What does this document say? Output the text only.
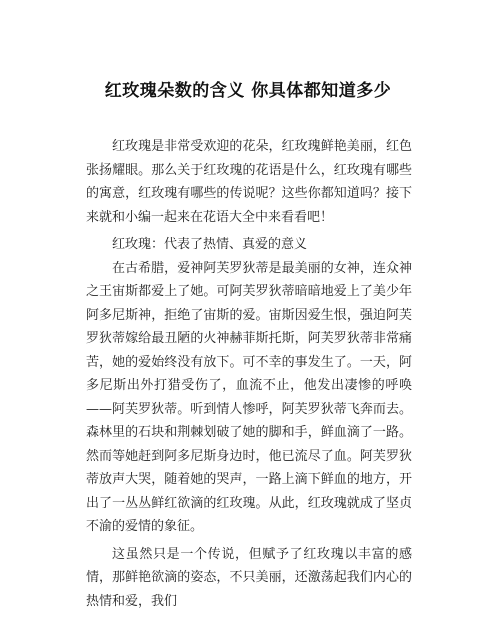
红玫瑰朵数的含义 你具体都知道多少

红玫瑰是非常受欢迎的花朵，红玫瑰鲜艳美丽，红色张扬耀眼。那么关于红玫瑰的花语是什么，红玫瑰有哪些的寓意，红玫瑰有哪些的传说呢？这些你都知道吗？接下来就和小编一起来在花语大全中来看看吧！

红玫瑰：代表了热情、真爱的意义

在古希腊，爱神阿芙罗狄蒂是最美丽的女神，连众神之王宙斯都爱上了她。可阿芙罗狄蒂暗暗地爱上了美少年阿多尼斯神，拒绝了宙斯的爱。宙斯因爱生恨，强迫阿芙罗狄蒂嫁给最丑陋的火神赫菲斯托斯，阿芙罗狄蒂非常痛苦，她的爱始终没有放下。可不幸的事发生了。一天，阿多尼斯出外打猎受伤了，血流不止，他发出凄惨的呼唤——阿芙罗狄蒂。听到情人惨呼，阿芙罗狄蒂飞奔而去。森林里的石块和荆棘划破了她的脚和手，鲜血滴了一路。然而等她赶到阿多尼斯身边时，他已流尽了血。阿芙罗狄蒂放声大哭，随着她的哭声，一路上滴下鲜血的地方，开出了一丛丛鲜红欲滴的红玫瑰。从此，红玫瑰就成了坚贞不渝的爱情的象征。

这虽然只是一个传说，但赋予了红玫瑰以丰富的感情，那鲜艳欲滴的姿态，不只美丽，还激荡起我们内心的热情和爱，我们
